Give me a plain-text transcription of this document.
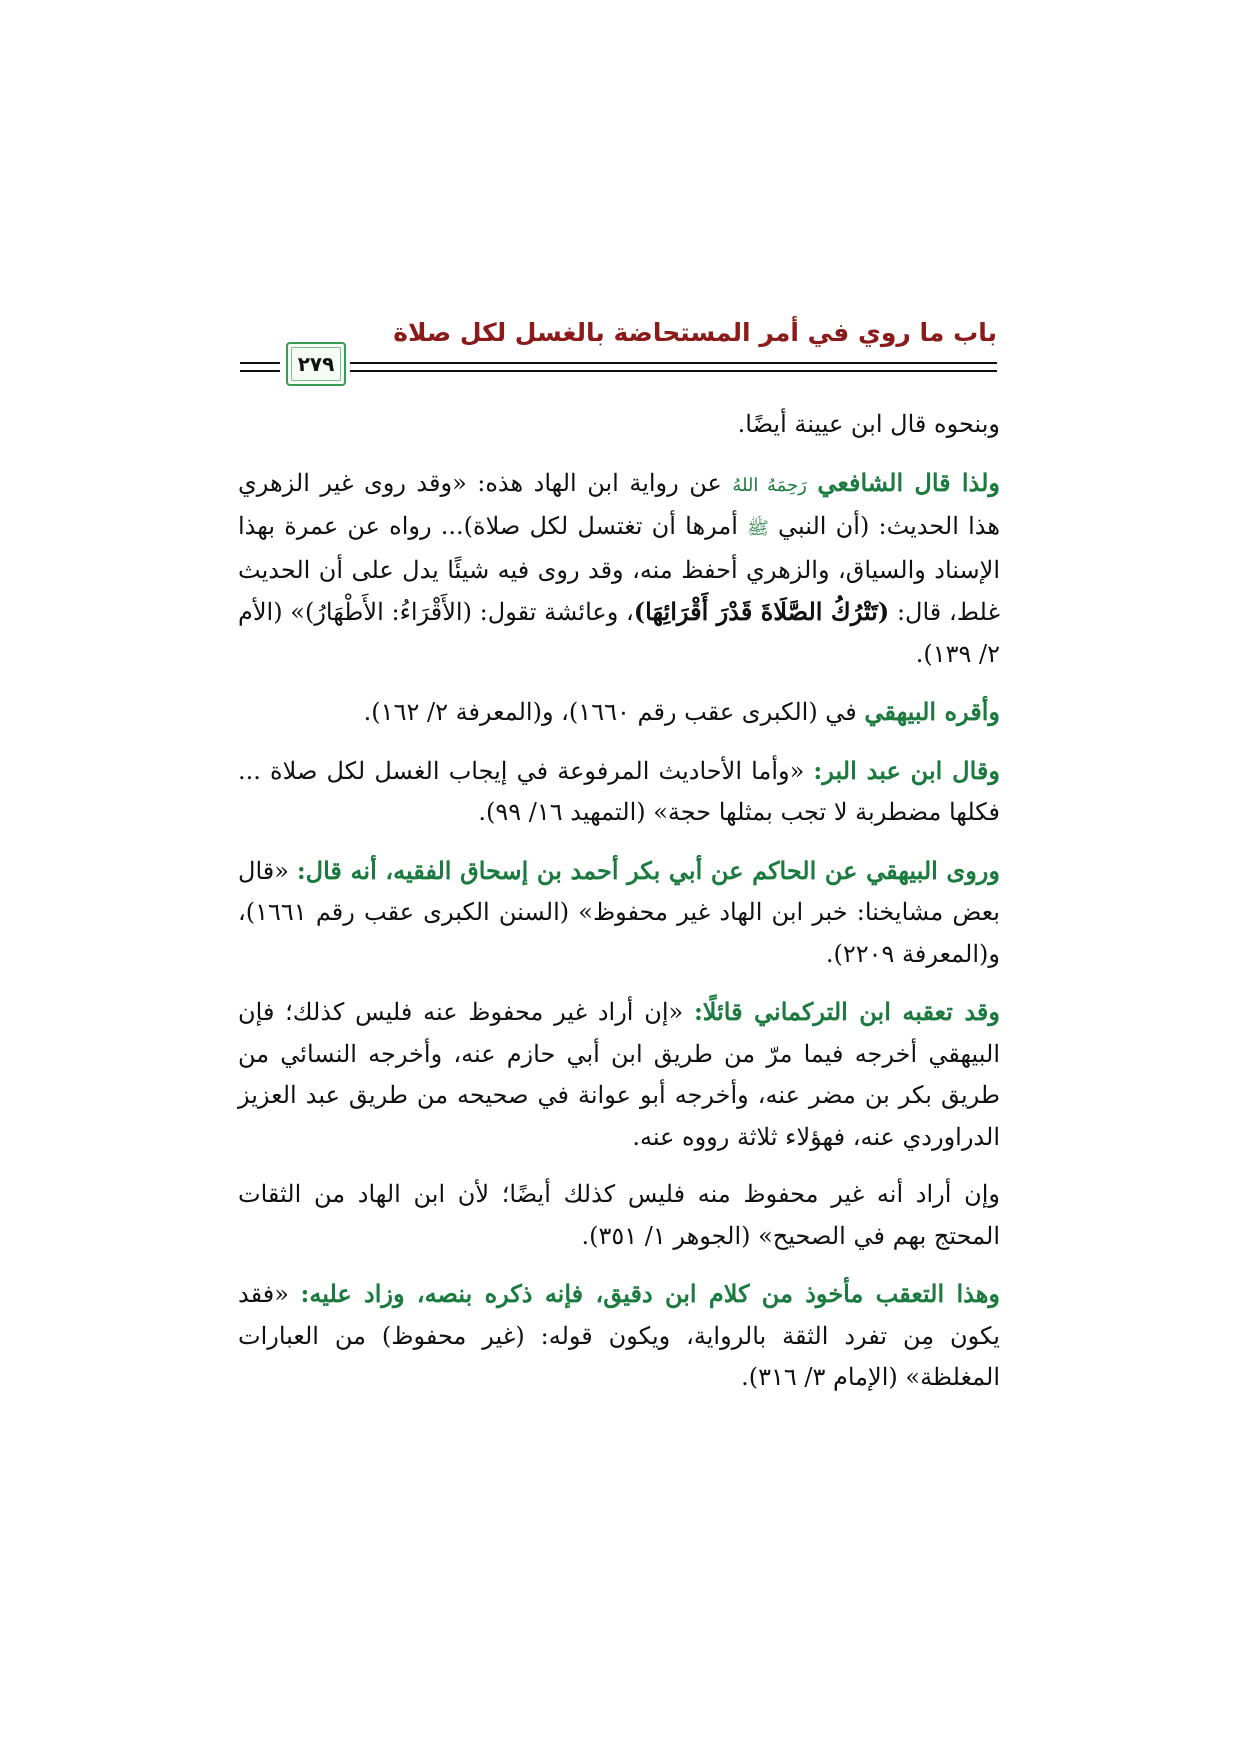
باب ما روي في أمر المستحاضة بالغسل لكل صلاة
٢٧٩

وبنحوه قال ابن عيينة أيضًا.

ولذا قال الشافعي رَحِمَهُ اللهُ عن رواية ابن الهاد هذه: «وقد روى غير الزهري هذا الحديث: (أن النبي ﷺ أمرها أن تغتسل لكل صلاة)... رواه عن عمرة بهذا الإسناد والسياق، والزهري أحفظ منه، وقد روى فيه شيئًا يدل على أن الحديث غلط، قال: (تَتْرُكُ الصَّلَاةَ قَدْرَ أَقْرَائِهَا)، وعائشة تقول: (الأَقْرَاءُ: الأَطْهَارُ)» (الأم ٢/ ١٣٩).

وأقره البيهقي في (الكبرى عقب رقم ١٦٦٠)، و(المعرفة ٢/ ١٦٢).

وقال ابن عبد البر: «وأما الأحاديث المرفوعة في إيجاب الغسل لكل صلاة ... فكلها مضطربة لا تجب بمثلها حجة» (التمهيد ١٦/ ٩٩).

وروى البيهقي عن الحاكم عن أبي بكر أحمد بن إسحاق الفقيه، أنه قال: «قال بعض مشايخنا: خبر ابن الهاد غير محفوظ» (السنن الكبرى عقب رقم ١٦٦١)، و(المعرفة ٢٢٠٩).

وقد تعقبه ابن التركماني قائلًا: «إن أراد غير محفوظ عنه فليس كذلك؛ فإن البيهقي أخرجه فيما مرّ من طريق ابن أبي حازم عنه، وأخرجه النسائي من طريق بكر بن مضر عنه، وأخرجه أبو عوانة في صحيحه من طريق عبد العزيز الدراوردي عنه، فهؤلاء ثلاثة رووه عنه.

وإن أراد أنه غير محفوظ منه فليس كذلك أيضًا؛ لأن ابن الهاد من الثقات المحتج بهم في الصحيح» (الجوهر ١/ ٣٥١).

وهذا التعقب مأخوذ من كلام ابن دقيق، فإنه ذكره بنصه، وزاد عليه: «فقد يكون مِن تفرد الثقة بالرواية، ويكون قوله: (غير محفوظ) من العبارات المغلظة» (الإمام ٣/ ٣١٦).
